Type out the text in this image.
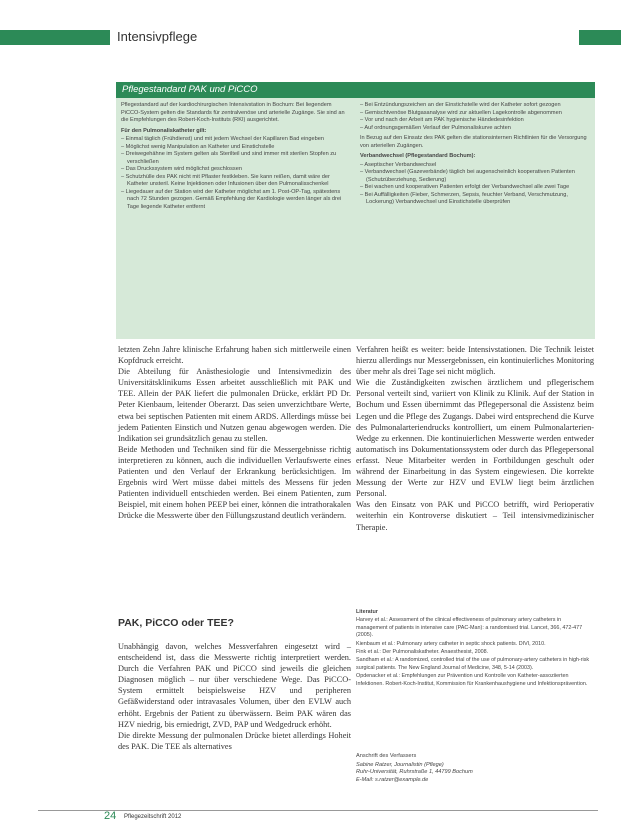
Intensivpflege
Pflegestandard PAK und PiCCO

Pflegestandard auf der kardiochirurgischen Intensivstation in Bochum: Bei liegendem PiCCO-System gelten die Standards für zentralvenöse und arterielle Zugänge. Sie sind an die Empfehlungen des Robert-Koch-Instituts (RKI) ausgerichtet.

Für den Pulmonaliskatheter gilt:
– Einmal täglich (Frühdienst) und mit jedem Wechsel der Kapillaren Bad eingeben
– Möglichst wenig Manipulation an Katheter und Einstichstelle
– Dreiwegehähne im System gelten als Sterilteil und sind immer mit sterilen Stopfen zu verschließen
– Das Druckssystem wird möglichst geschlossen
– Schutzhülle des PAK nicht mit Pflaster festkleben. Sie kann reißen, damit wäre der Katheter unsteril. Keine Injektionen oder Infusionen über den Pulmonalisschenkel
– Liegedauer auf der Station wird der Katheter möglichst am 1. Post-OP-Tag, spätestens nach 72 Stunden gezogen. Gemäß Empfehlung der Kardiologie werden länger als drei Tage liegende Katheter entfernt
– Bei Entzündungszeichen an der Einstichstelle wird der Katheter sofort gezogen
– Gemischtvenöse Blutgasanalyse wird zur aktuellen Lagekontrolle abgenommen
– Vor und nach der Arbeit am PAK hygienische Händedesinfektion
– Auf ordnungsgemäßen Verlauf der Pulmonaliskurve achten

In Bezug auf den Einsatz des PAK gelten die stationsinternen Richtlinien für die Versorgung von arteriellen Zugängen.

Verbandwechsel (Pflegestandard Bochum):
– Aseptischer Verbandwechsel
– Verbandwechsel (Gazeverbände) täglich bei augenscheinlich kooperativen Patienten (Schutzüberziehung, Sedierung)
– Bei wachen und kooperativen Patienten erfolgt der Verbandwechsel alle zwei Tage
– Bei Auffälligkeiten (Fieber, Schmerzen, Sepsis, feuchter Verband, Verschmutzung, Lockerung) Verbandwechsel und Einstichstelle überprüfen

letzten Zehn Jahre klinische Erfahrung haben sich mittlerweile einen Kopfdruck erreicht.

Die Abteilung für Anästhesiologie und Intensivmedizin des Universitätsklinikums Essen arbeitet ausschließlich mit PAK und TEE. Allein der PAK liefert die pulmonalen Drücke, erklärt PD Dr. Peter Kienbaum, leitender Oberarzt. Das seien unverzichtbare Werte, etwa bei septischen Patienten mit einem ARDS. Allerdings müsse bei jedem Patienten Einstich und Nutzen genau abgewogen werden. Die Indikation sei grundsätzlich genau zu stellen.

Beide Methoden und Techniken sind für die Messergebnisse richtig interpretieren zu können, auch die individuellen Verlaufswerte eines Patienten und den Verlauf der Erkrankung berücksichtigen. Im Ergebnis wird Wert müsse dabei mittels des Messens für jeden Patienten individuell entschieden werden. Bei einem Patienten, zum Beispiel, mit einem hohen PEEP bei einer, können die intrathorakalen Drücke die Messwerte über den Füllungszustand deutlich verändern.

Verfahren heißt es weiter: beide Intensivstationen. Die Technik leistet hierzu allerdings nur Messergebnissen, ein kontinuierliches Monitoring über mehr als drei Tage sei nicht möglich.

Wie die Zuständigkeiten zwischen ärztlichem und pflegerischem Personal verteilt sind, variiert von Klinik zu Klinik. Auf der Station in Bochum und Essen übernimmt das Pflegepersonal die Assistenz beim Legen und die Pflege des Zugangs. Dabei wird entsprechend die Kurve des Pulmonalarteriendrucks kontrolliert, um einem Pulmonalarterien-Wedge zu erkennen. Die kontinuierlichen Messwerte werden entweder automatisch ins Dokumentationssystem oder durch das Pflegepersonal erfasst. Neue Mitarbeiter werden in Fortbildungen geschult oder während der Einarbeitung in das System eingewiesen. Die korrekte Messung der Werte zur HZV und EVLW liegt beim ärztlichen Personal.

Was den Einsatz von PAK und PiCCO betrifft, wird Perioperativ weiterhin ein Kontroverse diskutiert – Teil intensivmedizinischer Therapie.

PAK, PiCCO oder TEE?

Unabhängig davon, welches Messverfahren eingesetzt wird – entscheidend ist, dass die Messwerte richtig interpretiert werden. Durch die Verfahren PAK und PiCCO sind jeweils die gleichen Diagnosen möglich – nur über verschiedene Wege. Das PiCCO-System ermittelt beispielsweise HZV und peripheren Gefäßwiderstand oder intravasales Volumen, über den EVLW auch erhöht. Ergebnis der Patient zu überwässern. Beim PAK wären das HZV niedrig, bis erniedrigt, ZVD, PAP und Wedgedruck erhöht.

Die direkte Messung der pulmonalen Drücke bietet allerdings Hoheit des PAK. Die TEE als alternatives

Literatur
Harvey et al.: Assessment of the clinical effectiveness of pulmonary artery catheters in management of patients in intensive care (PAC-Man): a randomised trial. Lancet, 366, 472-477 (2005).
Kienbaum et al.: Pulmonary artery catheter in septic shock patients. DIVI, 2010.
Fink et al.: Der Pulmonaliskatheter. Anaesthesist, 2008.
Sandham et al.: A randomized, controlled trial of the use of pulmonary-artery catheters in high-risk surgical patients. The New England Journal of Medicine, 348, 5-14 (2003).
Opdenacker et al.: Empfehlungen zur Prävention und Kontrolle von Katheter-assoziierten Infektionen. Robert-Koch-Institut, Kommission für Krankenhaushygiene und Infektionsprävention.
Anschrift des Verfassers
Sabine Ratzer, Journalistin (Pflege)
Ruhr-Universität, Ruhrstraße 1, 44799 Bochum
E-Mail: s.ratzer@example.de
24 Pflegezeitschrift 2012
